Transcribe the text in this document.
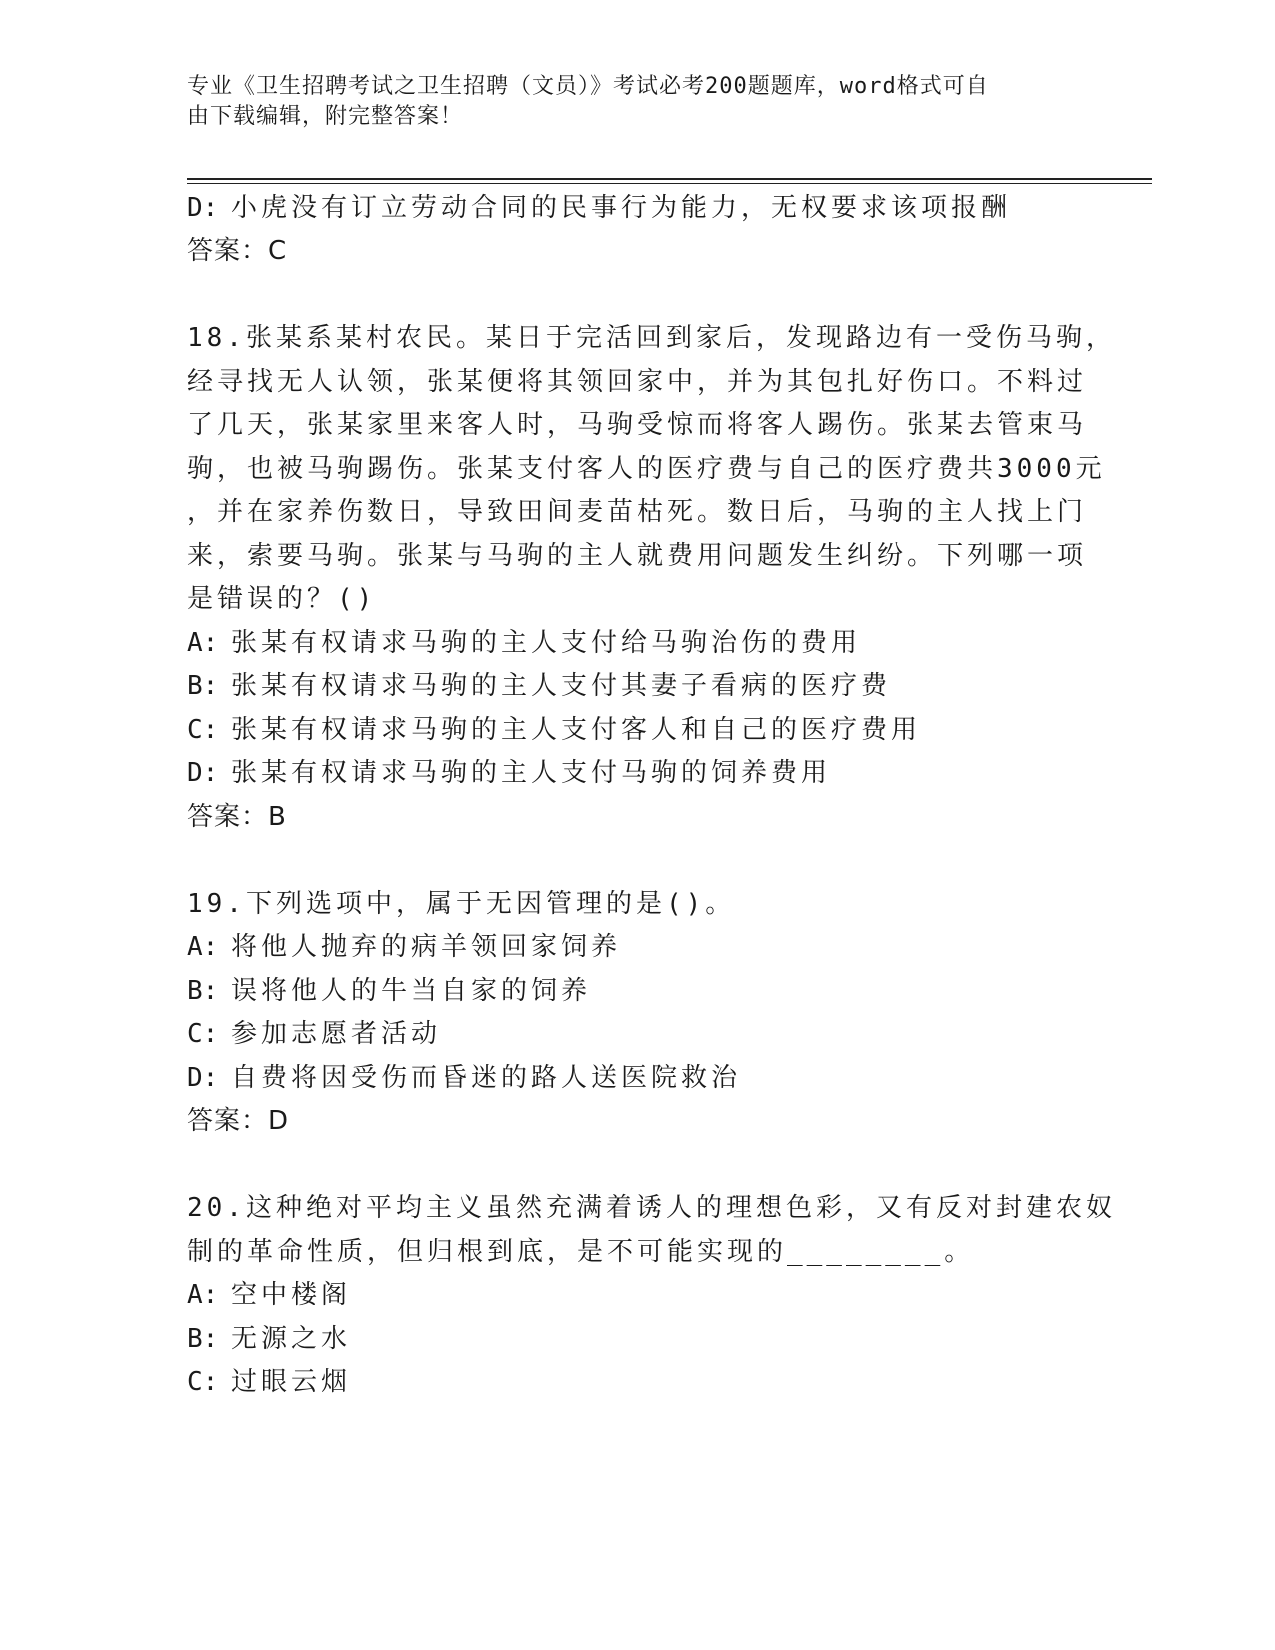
专业《卫生招聘考试之卫生招聘（文员）》考试必考200题题库，word格式可自
由下载编辑，附完整答案！
D: 小虎没有订立劳动合同的民事行为能力，无权要求该项报酬
答案：C
18.张某系某村农民。某日于完活回到家后，发现路边有一受伤马驹，
经寻找无人认领，张某便将其领回家中，并为其包扎好伤口。不料过
了几天，张某家里来客人时，马驹受惊而将客人踢伤。张某去管束马
驹，也被马驹踢伤。张某支付客人的医疗费与自己的医疗费共3000元
，并在家养伤数日，导致田间麦苗枯死。数日后，马驹的主人找上门
来，索要马驹。张某与马驹的主人就费用问题发生纠纷。下列哪一项
是错误的？()
A: 张某有权请求马驹的主人支付给马驹治伤的费用
B: 张某有权请求马驹的主人支付其妻子看病的医疗费
C: 张某有权请求马驹的主人支付客人和自己的医疗费用
D: 张某有权请求马驹的主人支付马驹的饲养费用
答案：B
19.下列选项中，属于无因管理的是()。
A: 将他人抛弃的病羊领回家饲养
B: 误将他人的牛当自家的饲养
C: 参加志愿者活动
D: 自费将因受伤而昏迷的路人送医院救治
答案：D
20.这种绝对平均主义虽然充满着诱人的理想色彩，又有反对封建农奴
制的革命性质，但归根到底，是不可能实现的________。
A: 空中楼阁
B: 无源之水
C: 过眼云烟
